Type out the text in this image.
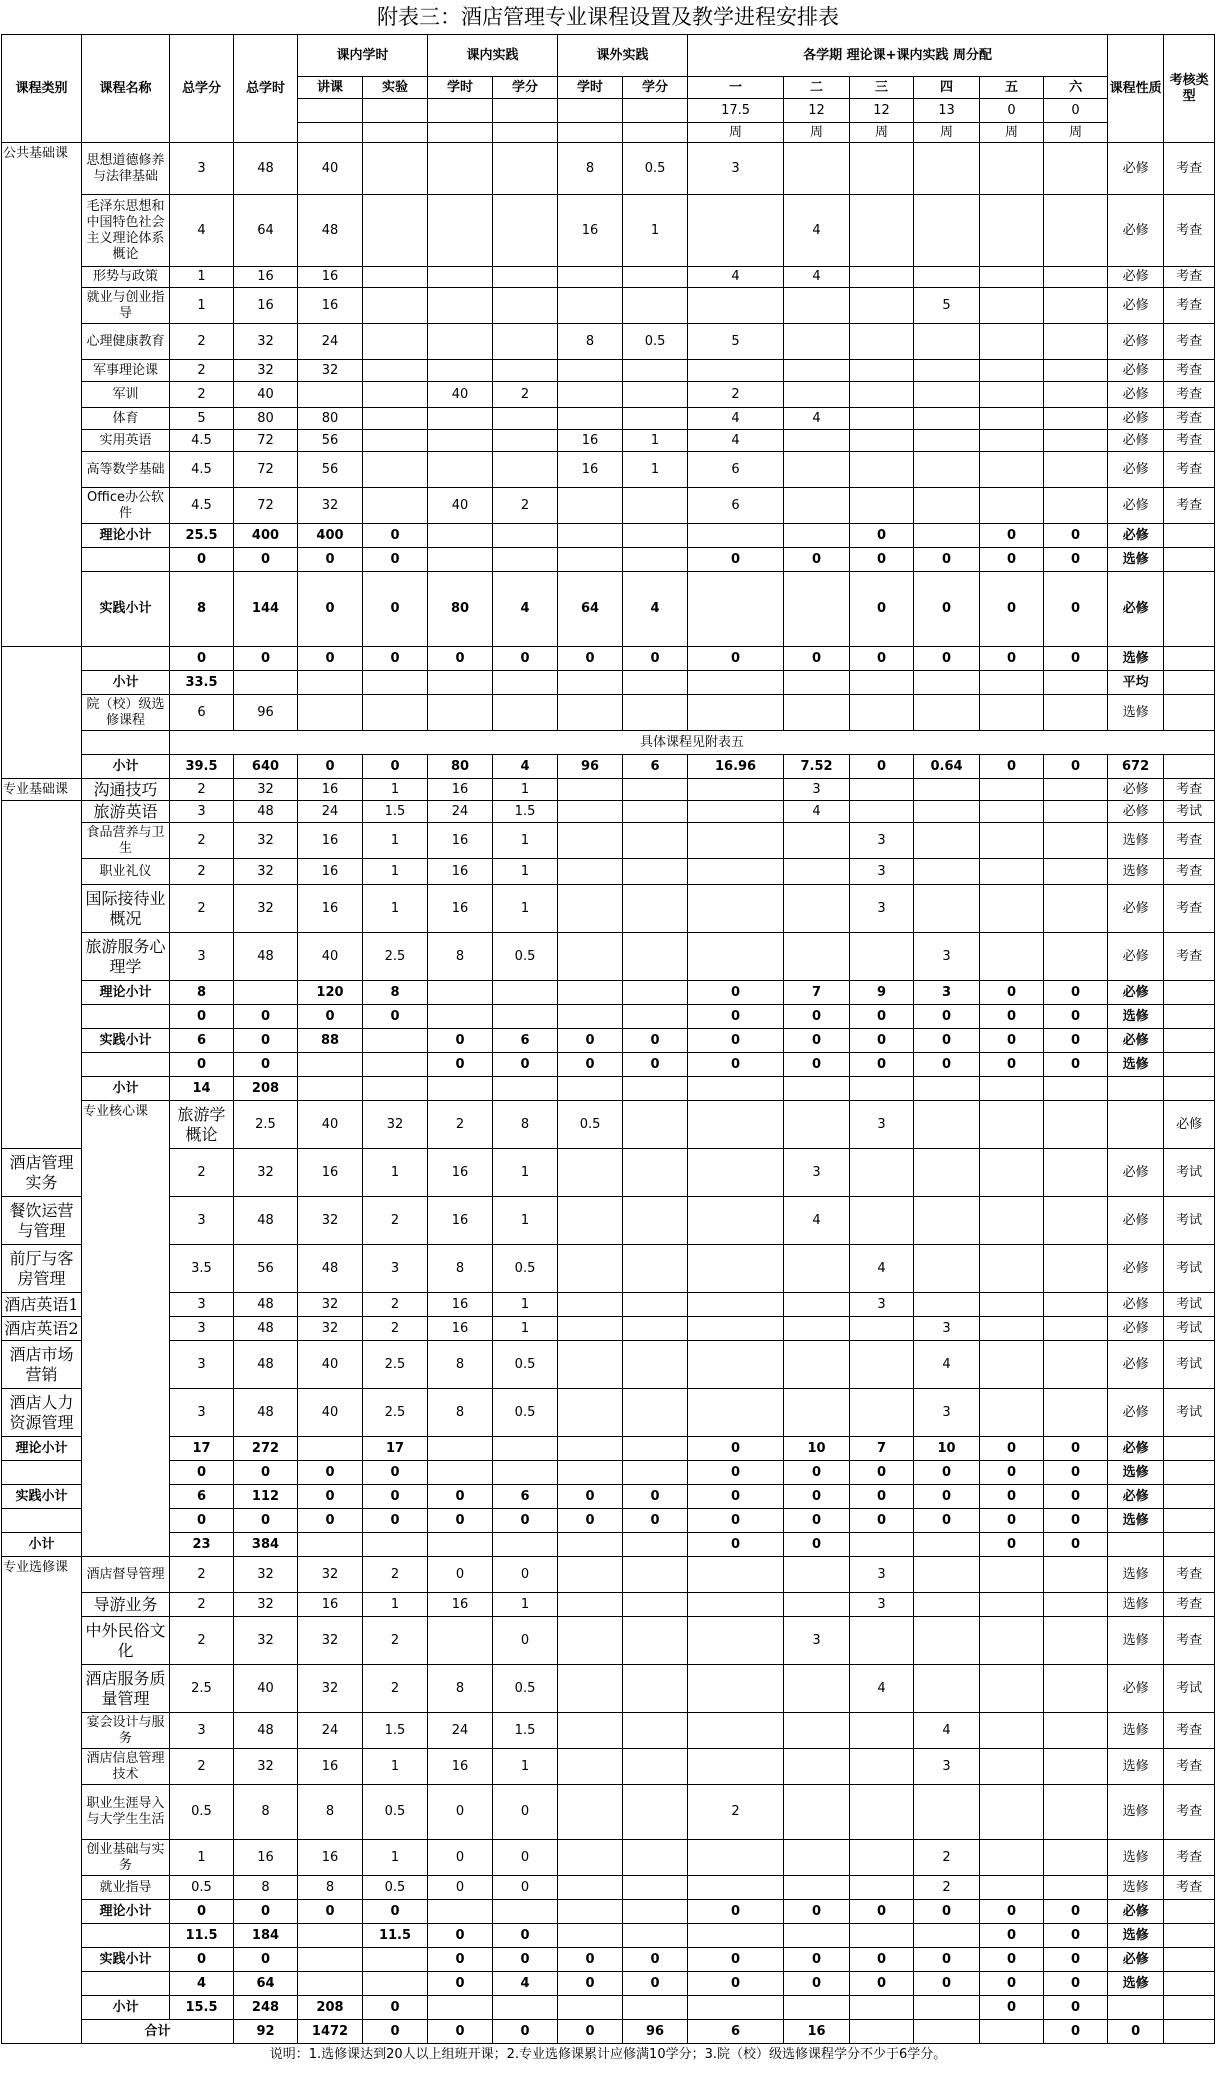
附表三：酒店管理专业课程设置及教学进程安排表
课程类别	课程名称	总学分	总学时	课内学时		课内实践		课外实践		各学期 理论课+课内实践 周分配						课程性质	考核类型	
				讲课	实验	学时	学分	学时	学分	一	二	三	四	五	六			
										17.5	12	12	13	0	0			
										周	周	周	周	周	周			
公共基础课	思想道德修养与法律基础	3	48	40				8	0.5	3						必修	考查	
	毛泽东思想和中国特色社会主义理论体系概论	4	64	48				16	1		4					必修	考查	
	形势与政策	1	16	16						4	4					必修	考查	
	就业与创业指导	1	16	16									5			必修	考查	
	心理健康教育	2	32	24				8	0.5	5						必修	考查	
	军事理论课	2	32	32												必修	考查	
	军训	2	40			40	2			2						必修	考查	
	体育	5	80	80						4	4					必修	考查	
	实用英语	4.5	72	56				16	1	4						必修	考查	
	高等数学基础	4.5	72	56				16	1	6						必修	考查	
	Office办公软件	4.5	72	32		40	2			6						必修	考查	
	理论小计	25.5	400	400	0							0		0	0	必修		
		0	0	0	0					0	0	0	0	0	0	选修		
	实践小计	8	144	0	0	80	4	64	4			0	0	0	0	必修		
		0	0	0	0	0	0	0	0	0	0	0	0	0	0	选修		
	小计	33.5														平均		
	院（校）级选修课程	6	96													选修		
		具体课程见附表五																
	小计	39.5	640	0	0	80	4	96	6	16.96	7.52	0	0.64	0	0	672		
专业基础课	沟通技巧	2	32	16	1	16	1				3					必修	考查	
	旅游英语	3	48	24	1.5	24	1.5				4					必修	考试	
	食品营养与卫生	2	32	16	1	16	1					3				选修	考查	
	职业礼仪	2	32	16	1	16	1					3				选修	考查	
	国际接待业概况	2	32	16	1	16	1					3				必修	考查	
	旅游服务心理学	3	48	40	2.5	8	0.5						3			必修	考查	
	理论小计	8		120	8					0	7	9	3	0	0	必修		
		0	0	0	0					0	0	0	0	0	0	选修		
	实践小计	6	0	88		0	6	0	0	0	0	0	0	0	0	必修		
		0	0			0	0	0	0	0	0	0	0	0	0	选修		
	小计	14	208															
	专业核心课	旅游学概论	2.5	40	32	2	8	0.5				3					必修	
酒店管理实务		2	32	16	1	16	1				3					必修	考试	
餐饮运营与管理		3	48	32	2	16	1				4					必修	考试	
前厅与客房管理		3.5	56	48	3	8	0.5					4				必修	考试	
酒店英语1		3	48	32	2	16	1					3				必修	考试	
酒店英语2		3	48	32	2	16	1						3			必修	考试	
酒店市场营销		3	48	40	2.5	8	0.5						4			必修	考试	
酒店人力资源管理		3	48	40	2.5	8	0.5						3			必修	考试	
理论小计		17	272		17					0	10	7	10	0	0	必修		
		0	0	0	0					0	0	0	0	0	0	选修		
实践小计		6	112	0	0	0	6	0	0	0	0	0	0	0	0	必修		
		0	0	0	0	0	0	0	0	0	0	0	0	0	0	选修		
小计		23	384							0	0			0	0			
专业选修课	酒店督导管理	2	32	32	2	0	0					3				选修	考查	
	导游业务	2	32	16	1	16	1					3				选修	考查	
	中外民俗文化	2	32	32	2		0				3					选修	考查	
	酒店服务质量管理	2.5	40	32	2	8	0.5					4				必修	考试	
	宴会设计与服务	3	48	24	1.5	24	1.5						4			选修	考查	
	酒店信息管理技术	2	32	16	1	16	1						3			选修	考查	
	职业生涯导入与大学生生活	0.5	8	8	0.5	0	0			2						选修	考查	
	创业基础与实务	1	16	16	1	0	0						2			选修	考查	
	就业指导	0.5	8	8	0.5	0	0						2			选修	考查	
	理论小计	0	0	0	0					0	0	0	0	0	0	必修		
		11.5	184		11.5	0	0							0	0	选修		
	实践小计	0	0			0	0	0	0	0	0	0	0	0	0	必修		
		4	64			0	4	0	0	0	0	0	0	0	0	选修		
	小计	15.5	248	208	0									0	0			
	合计		92	1472	0	0	0	0	96	6	16				0	0		
说明：1.选修课达到20人以上组班开课；2.专业选修课累计应修满10学分；3.院（校）级选修课程学分不少于6学分。
